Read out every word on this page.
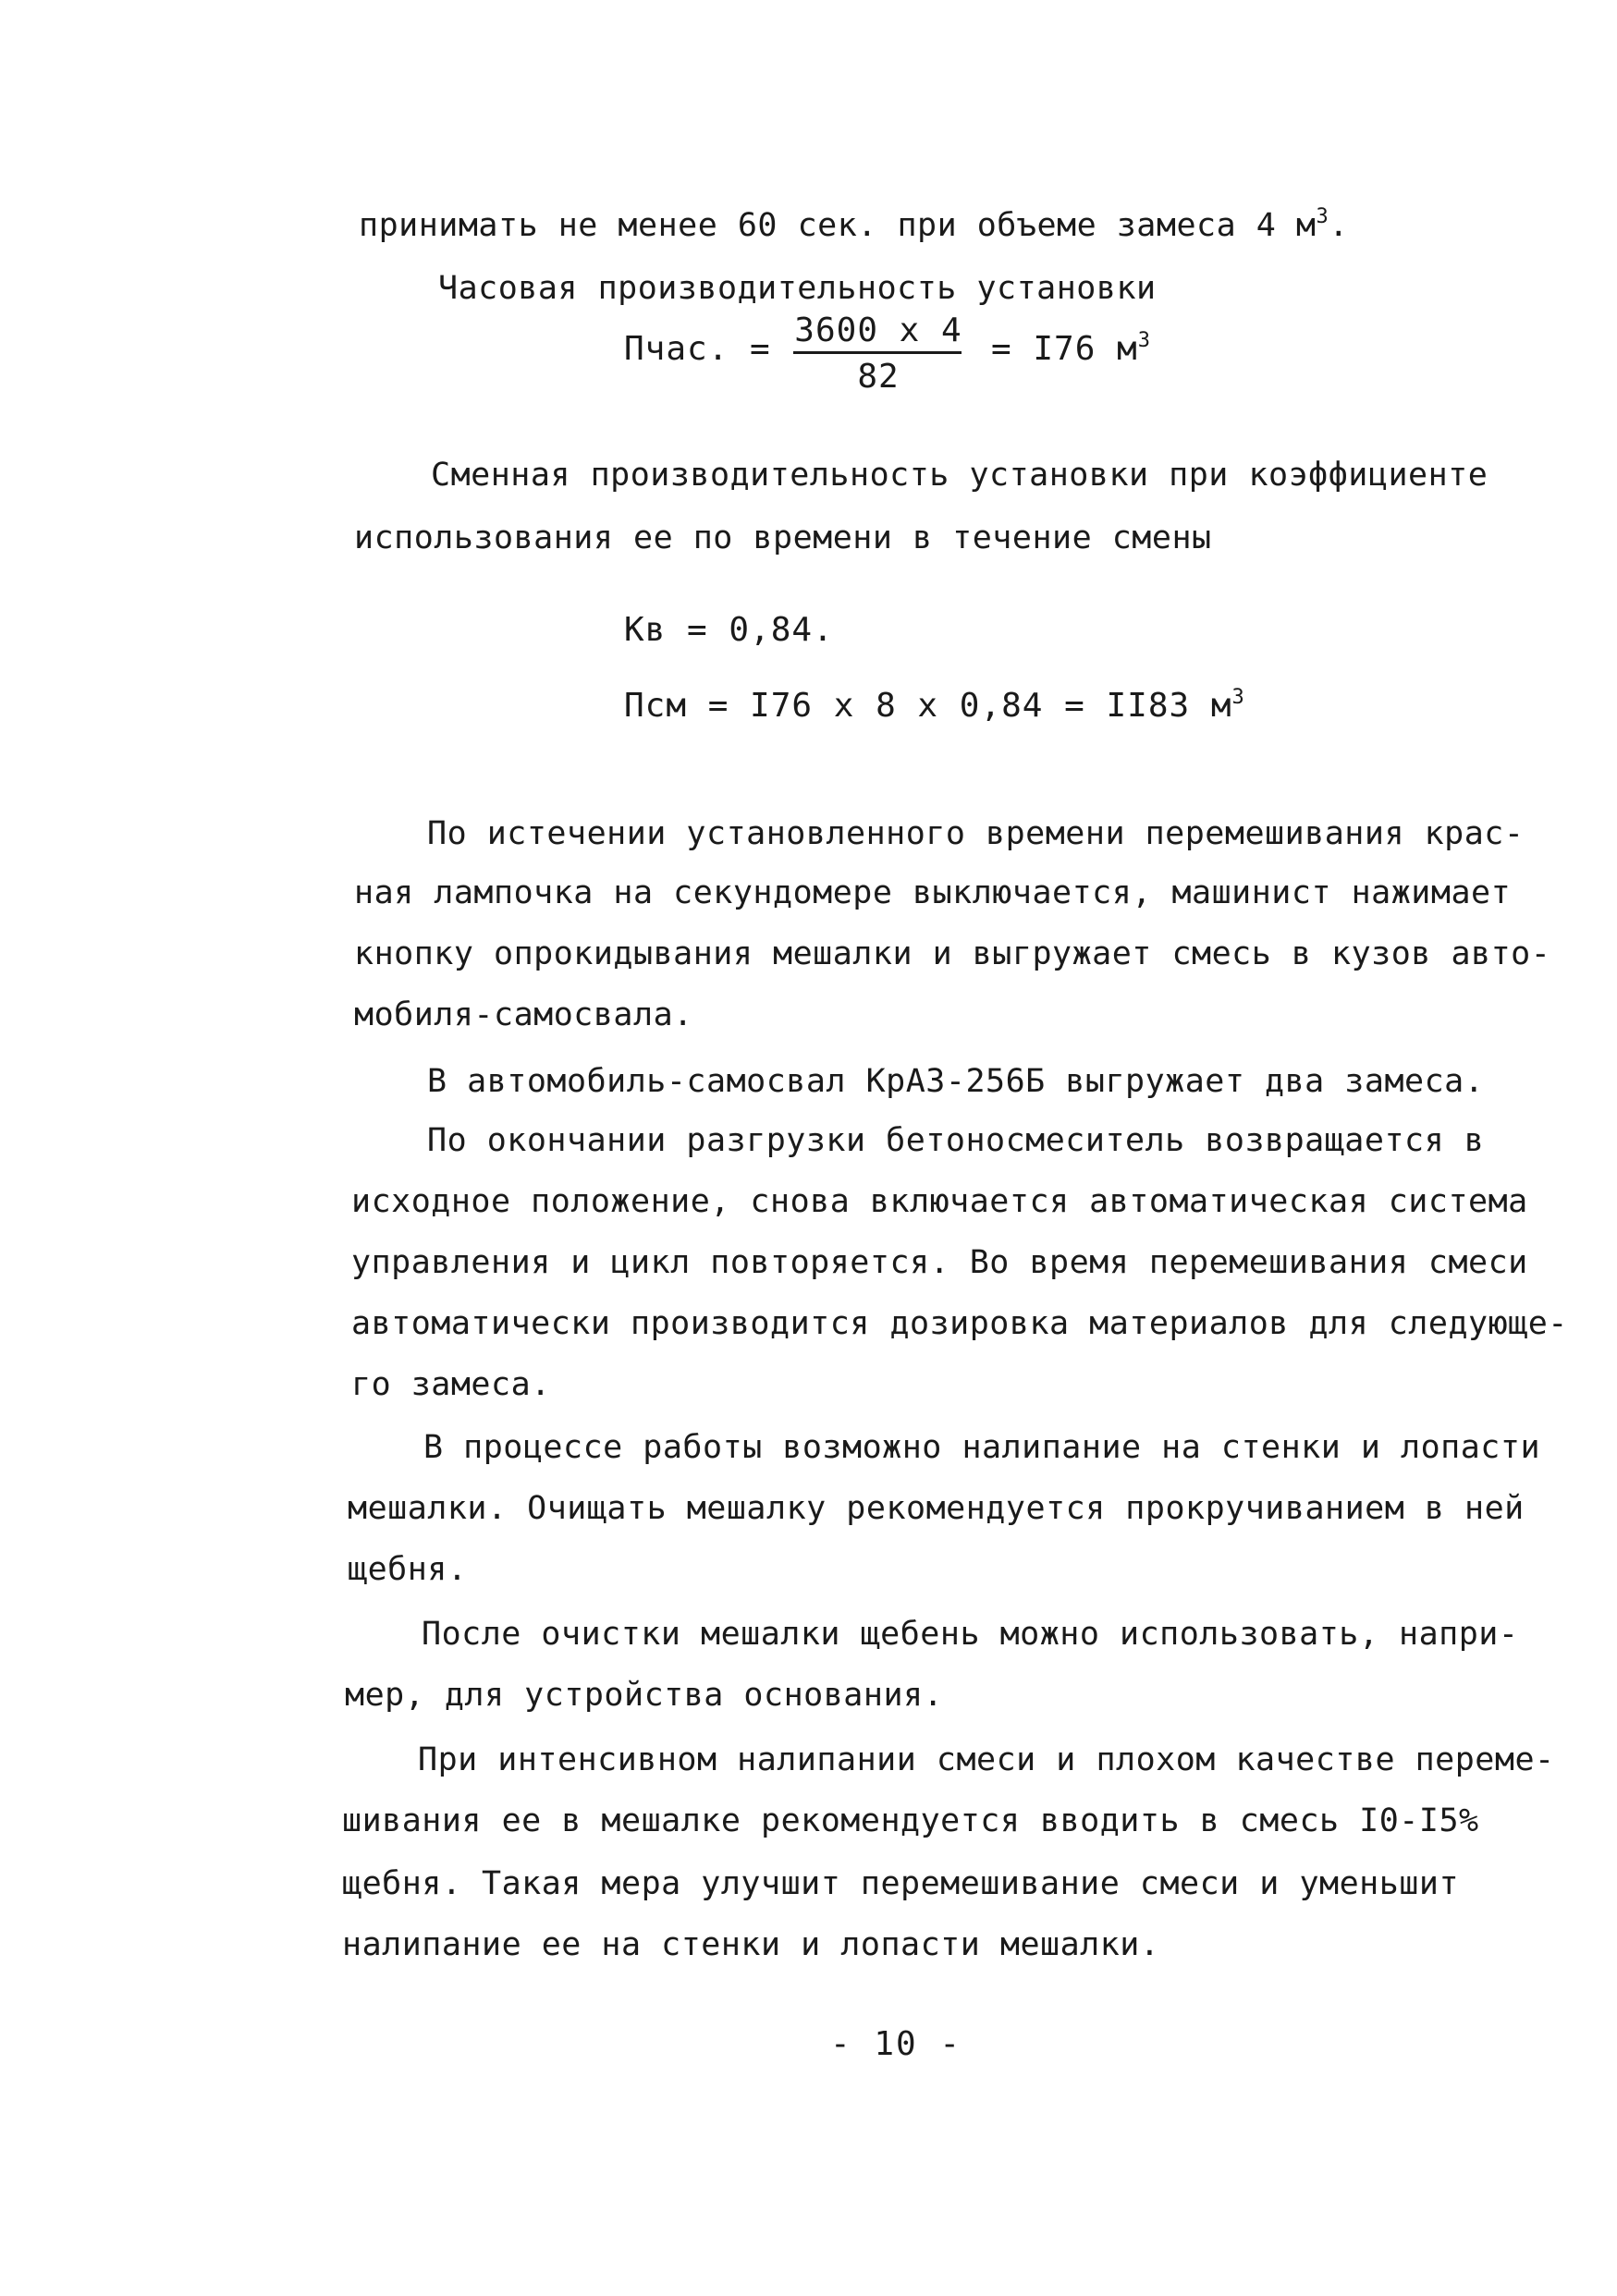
принимать не менее 60 сек. при объеме замеса 4 $м^3$.
Часовая производительность установки
Пчас. = 3600 х 4
82
= I76 $м^3$
Сменная производительность установки при коэффициенте
использования ее по времени в течение смены
Кв = 0,84.
Псм = I76 х 8 х 0,84 = II83 $м^3$
По истечении установленного времени перемешивания крас-
ная лампочка на секундомере выключается, машинист нажимает
кнопку опрокидывания мешалки и выгружает смесь в кузов авто-
мобиля-самосвала.
В автомобиль-самосвал КрАЗ-256Б выгружает два замеса.
По окончании разгрузки бетоносмеситель возвращается в
исходное положение, снова включается автоматическая система
управления и цикл повторяется. Во время перемешивания смеси
автоматически производится дозировка материалов для следующе-
го замеса.
В процессе работы возможно налипание на стенки и лопасти
мешалки. Очищать мешалку рекомендуется прокручиванием в ней
щебня.
После очистки мешалки щебень можно использовать, напри-
мер, для устройства основания.
При интенсивном налипании смеси и плохом качестве переме-
шивания ее в мешалке рекомендуется вводить в смесь I0-I5%
щебня. Такая мера улучшит перемешивание смеси и уменьшит
налипание ее на стенки и лопасти мешалки.
- 10 -
